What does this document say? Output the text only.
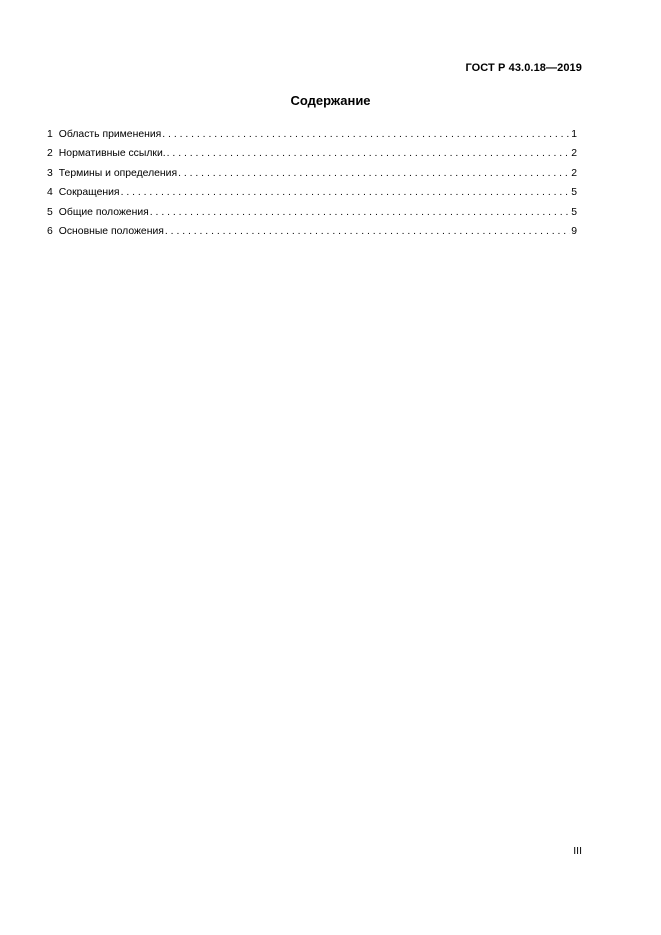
ГОСТ Р 43.0.18—2019
Содержание
1 Область применения . . .	1
2 Нормативные ссылки. . . .	2
3 Термины и определения . . .	2
4 Сокращения . . .	5
5 Общие положения . . .	5
6 Основные положения . . .	9
III
